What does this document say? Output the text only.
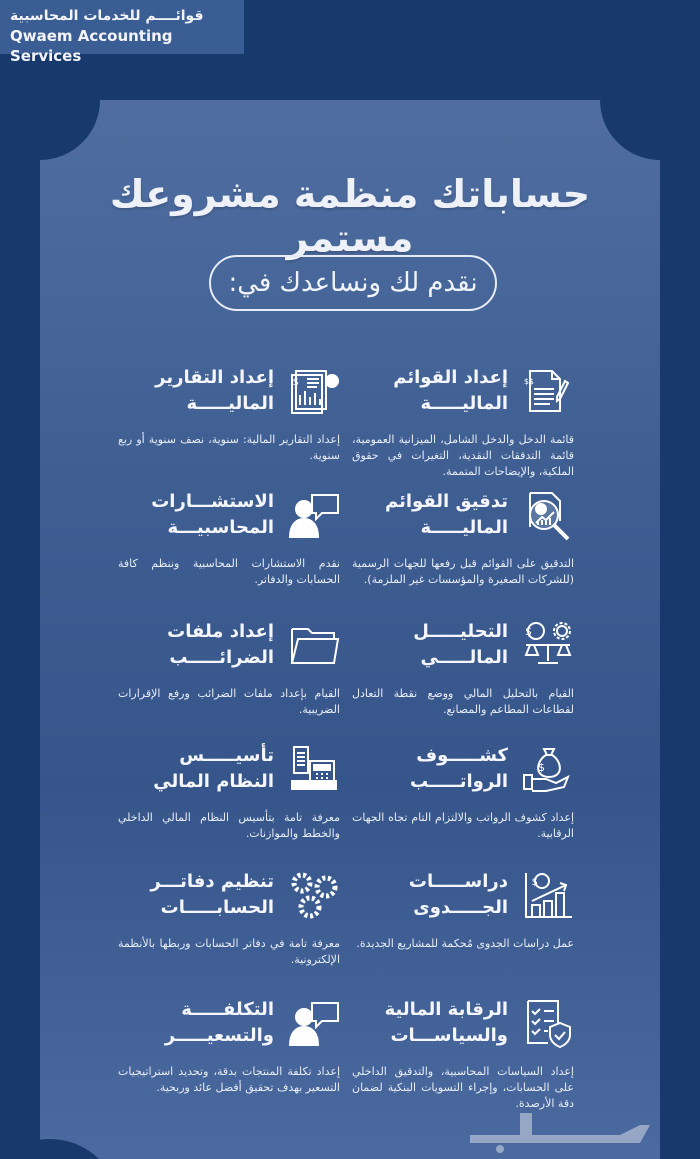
قوائــــم للخدمات المحاسبية
Qwaem Accounting Services
حساباتك منظمة مشروعك مستمر
نقدم لك ونساعدك في:
$$
إعداد القوائم
الماليـــــة
قائمة الدخل والدخل الشامل، الميزانية العمومية، قائمة التدفقات النقدية، التغيرات في حقوق الملكية، والإيضاحات المتممة.
$
إعداد التقارير
الماليـــــة
إعداد التقارير المالية: سنوية، نصف سنوية أو ربع سنوية.
تدقيق القوائم
الماليـــــة
التدقيق على القوائم قبل رفعها للجهات الرسمية (للشركات الصغيرة والمؤسسات غير الملزمة).
الاستشـــارات
المحاسبيـــة
نقدم الاستشارات المحاسبية وننظم كافة الحسابات والدفاتر.
$
التحليـــــل
المالـــــي
القيام بالتحليل المالي ووضع نقطة التعادل لقطاعات المطاعم والمصانع.
إعداد ملفات
الضرائـــــب
القيام بإعداد ملفات الضرائب ورفع الإقرارات الضريبية.
$
كشـــــوف
الرواتـــــب
إعداد كشوف الرواتب والالتزام التام تجاه الجهات الرقابية.
تأسيـــــس
النظام المالي
معرفة تامة بتأسيس النظام المالي الداخلي والخطط والموازنات.
$
دراســـــات
الجـــــدوى
عمل دراسات الجدوى مُحكمة للمشاريع الجديدة.
تنظيم دفاتـــر
الحسابـــــات
معرفة تامة في دفاتر الحسابات وربطها بالأنظمة الإلكترونية.
الرقابة المالية
والسياســـات
إعداد السياسات المحاسبية، والتدقيق الداخلي على الحسابات، وإجراء التسويات البنكية لضمان دقة الأرصدة.
التكلفـــــة
والتسعيـــــر
إعداد تكلفة المنتجات بدقة، وتحديد استراتيجيات التسعير بهدف تحقيق أفضل عائد وربحية.
